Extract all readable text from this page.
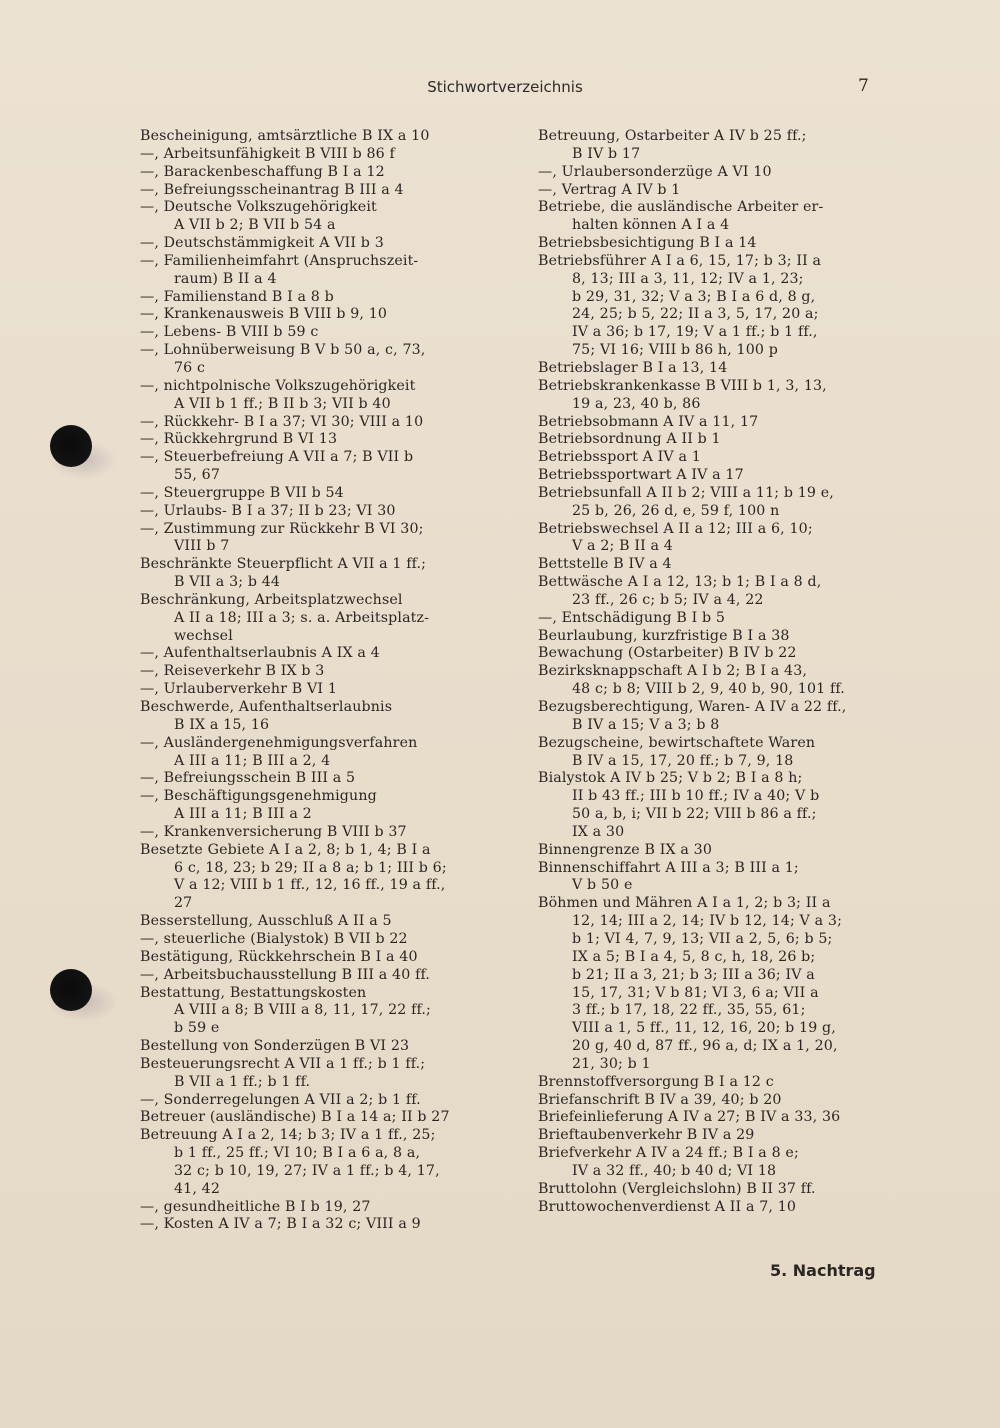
Stichwortverzeichnis	7
Bescheinigung, amtsärztliche B IX a 10
—, Arbeitsunfähigkeit B VIII b 86 f
—, Barackenbeschaffung B I a 12
—, Befreiungsscheinantrag B III a 4
—, Deutsche Volkszugehörigkeit
A VII b 2; B VII b 54 a
—, Deutschstämmigkeit A VII b 3
—, Familienheimfahrt (Anspruchszeit-
raum) B II a 4
—, Familienstand B I a 8 b
—, Krankenausweis B VIII b 9, 10
—, Lebens- B VIII b 59 c
—, Lohnüberweisung B V b 50 a, c, 73,
76 c
—, nichtpolnische Volkszugehörigkeit
A VII b 1 ff.; B II b 3; VII b 40
—, Rückkehr- B I a 37; VI 30; VIII a 10
—, Rückkehrgrund B VI 13
—, Steuerbefreiung A VII a 7; B VII b
55, 67
—, Steuergruppe B VII b 54
—, Urlaubs- B I a 37; II b 23; VI 30
—, Zustimmung zur Rückkehr B VI 30;
VIII b 7
Beschränkte Steuerpflicht A VII a 1 ff.;
B VII a 3; b 44
Beschränkung, Arbeitsplatzwechsel
A II a 18; III a 3; s. a. Arbeitsplatz-
wechsel
—, Aufenthaltserlaubnis A IX a 4
—, Reiseverkehr B IX b 3
—, Urlauberverkehr B VI 1
Beschwerde, Aufenthaltserlaubnis
B IX a 15, 16
—, Ausländergenehmigungsverfahren
A III a 11; B III a 2, 4
—, Befreiungsschein B III a 5
—, Beschäftigungsgenehmigung
A III a 11; B III a 2
—, Krankenversicherung B VIII b 37
Besetzte Gebiete A I a 2, 8; b 1, 4; B I a
6 c, 18, 23; b 29; II a 8 a; b 1; III b 6;
V a 12; VIII b 1 ff., 12, 16 ff., 19 a ff.,
27
Besserstellung, Ausschluß A II a 5
—, steuerliche (Bialystok) B VII b 22
Bestätigung, Rückkehrschein B I a 40
—, Arbeitsbuchausstellung B III a 40 ff.
Bestattung, Bestattungskosten
A VIII a 8; B VIII a 8, 11, 17, 22 ff.;
b 59 e
Bestellung von Sonderzügen B VI 23
Besteuerungsrecht A VII a 1 ff.; b 1 ff.;
B VII a 1 ff.; b 1 ff.
—, Sonderregelungen A VII a 2; b 1 ff.
Betreuer (ausländische) B I a 14 a; II b 27
Betreuung A I a 2, 14; b 3; IV a 1 ff., 25;
b 1 ff., 25 ff.; VI 10; B I a 6 a, 8 a,
32 c; b 10, 19, 27; IV a 1 ff.; b 4, 17,
41, 42
—, gesundheitliche B I b 19, 27
—, Kosten A IV a 7; B I a 32 c; VIII a 9
Betreuung, Ostarbeiter A IV b 25 ff.;
B IV b 17
—, Urlaubersonderzüge A VI 10
—, Vertrag A IV b 1
Betriebe, die ausländische Arbeiter er-
halten können A I a 4
Betriebsbesichtigung B I a 14
Betriebsführer A I a 6, 15, 17; b 3; II a
8, 13; III a 3, 11, 12; IV a 1, 23;
b 29, 31, 32; V a 3; B I a 6 d, 8 g,
24, 25; b 5, 22; II a 3, 5, 17, 20 a;
IV a 36; b 17, 19; V a 1 ff.; b 1 ff.,
75; VI 16; VIII b 86 h, 100 p
Betriebslager B I a 13, 14
Betriebskrankenkasse B VIII b 1, 3, 13,
19 a, 23, 40 b, 86
Betriebsobmann A IV a 11, 17
Betriebsordnung A II b 1
Betriebssport A IV a 1
Betriebssportwart A IV a 17
Betriebsunfall A II b 2; VIII a 11; b 19 e,
25 b, 26, 26 d, e, 59 f, 100 n
Betriebswechsel A II a 12; III a 6, 10;
V a 2; B II a 4
Bettstelle B IV a 4
Bettwäsche A I a 12, 13; b 1; B I a 8 d,
23 ff., 26 c; b 5; IV a 4, 22
—, Entschädigung B I b 5
Beurlaubung, kurzfristige B I a 38
Bewachung (Ostarbeiter) B IV b 22
Bezirksknappschaft A I b 2; B I a 43,
48 c; b 8; VIII b 2, 9, 40 b, 90, 101 ff.
Bezugsberechtigung, Waren- A IV a 22 ff.,
B IV a 15; V a 3; b 8
Bezugscheine, bewirtschaftete Waren
B IV a 15, 17, 20 ff.; b 7, 9, 18
Bialystok A IV b 25; V b 2; B I a 8 h;
II b 43 ff.; III b 10 ff.; IV a 40; V b
50 a, b, i; VII b 22; VIII b 86 a ff.;
IX a 30
Binnengrenze B IX a 30
Binnenschiffahrt A III a 3; B III a 1;
V b 50 e
Böhmen und Mähren A I a 1, 2; b 3; II a
12, 14; III a 2, 14; IV b 12, 14; V a 3;
b 1; VI 4, 7, 9, 13; VII a 2, 5, 6; b 5;
IX a 5; B I a 4, 5, 8 c, h, 18, 26 b;
b 21; II a 3, 21; b 3; III a 36; IV a
15, 17, 31; V b 81; VI 3, 6 a; VII a
3 ff.; b 17, 18, 22 ff., 35, 55, 61;
VIII a 1, 5 ff., 11, 12, 16, 20; b 19 g,
20 g, 40 d, 87 ff., 96 a, d; IX a 1, 20,
21, 30; b 1
Brennstoffversorgung B I a 12 c
Briefanschrift B IV a 39, 40; b 20
Briefeinlieferung A IV a 27; B IV a 33, 36
Brieftaubenverkehr B IV a 29
Briefverkehr A IV a 24 ff.; B I a 8 e;
IV a 32 ff., 40; b 40 d; VI 18
Bruttolohn (Vergleichslohn) B II 37 ff.
Bruttowochenverdienst A II a 7, 10
5. Nachtrag
